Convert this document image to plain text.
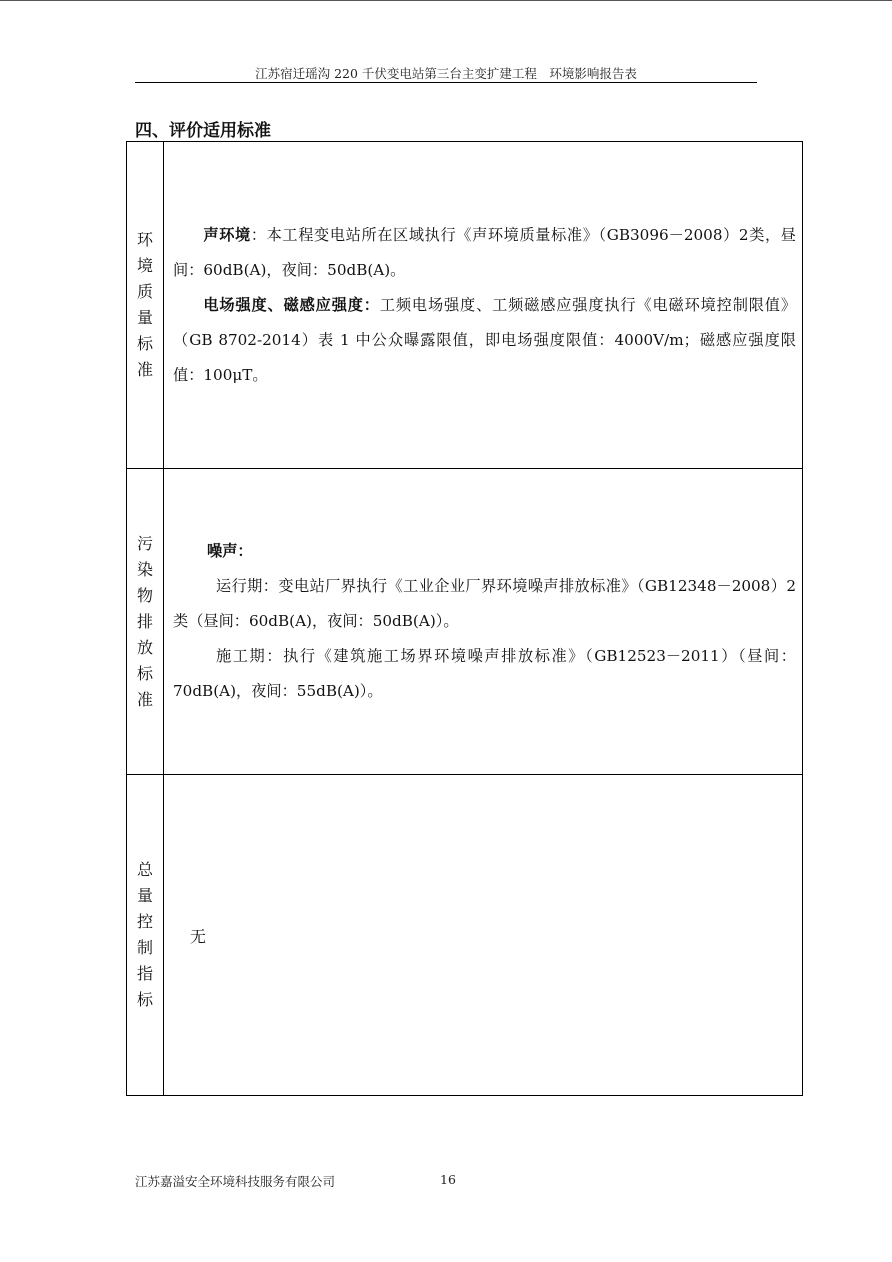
江苏宿迁瑶沟 220 千伏变电站第三台主变扩建工程　环境影响报告表
四、评价适用标准
环境质量标准	声环境：本工程变电站所在区域执行《声环境质量标准》（GB3096－2008）2类，昼间：60dB(A)，夜间：50dB(A)。

电场强度、磁感应强度：工频电场强度、工频磁感应强度执行《电磁环境控制限值》（GB 8702-2014）表 1 中公众曝露限值，即电场强度限值：4000V/m；磁感应强度限值：100μT。

污染物排放标准	噪声：

运行期：变电站厂界执行《工业企业厂界环境噪声排放标准》（GB12348－2008）2 类（昼间：60dB(A)，夜间：50dB(A)）。

施工期：执行《建筑施工场界环境噪声排放标准》（GB12523－2011）（昼间：70dB(A)，夜间：55dB(A)）。

总量控制指标	无
江苏嘉溢安全环境科技服务有限公司	16
